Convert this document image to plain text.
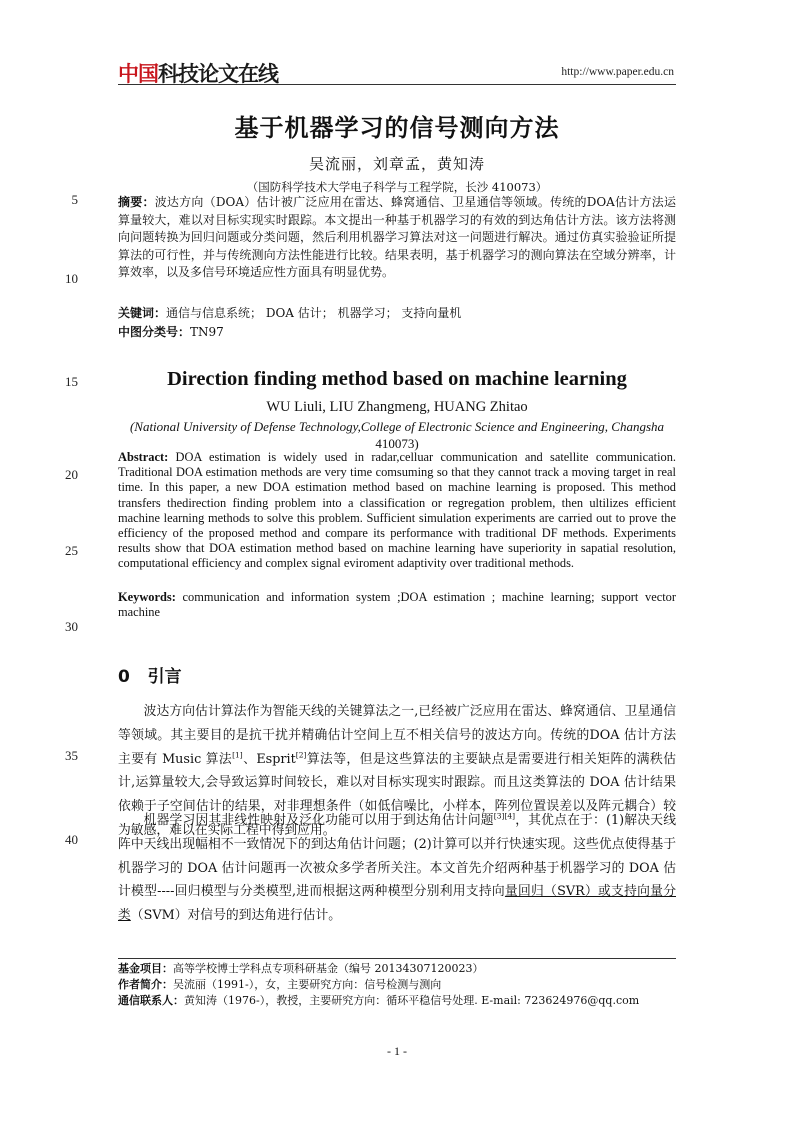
中国科技论文在线	http://www.paper.edu.cn
5
10
15
20
25
30
35
40
基于机器学习的信号测向方法
吴流丽，刘章孟，黄知涛
（国防科学技术大学电子科学与工程学院，长沙 410073）
摘要：波达方向（DOA）估计被广泛应用在雷达、蜂窝通信、卫星通信等领域。传统的DOA估计方法运算量较大，难以对目标实现实时跟踪。本文提出一种基于机器学习的有效的到达角估计方法。该方法将测向问题转换为回归问题或分类问题，然后利用机器学习算法对这一问题进行解决。通过仿真实验验证所提算法的可行性，并与传统测向方法性能进行比较。结果表明，基于机器学习的测向算法在空域分辨率，计算效率，以及多信号环境适应性方面具有明显优势。
关键词：通信与信息系统； DOA 估计； 机器学习； 支持向量机
中图分类号：TN97
Direction finding method based on machine learning
WU Liuli, LIU Zhangmeng, HUANG Zhitao
(National University of Defense Technology,College of Electronic Science and Engineering, Changsha 410073)
Abstract: DOA estimation is widely used in radar,celluar communication and satellite communication. Traditional DOA estimation methods are very time comsuming so that they cannot track a moving target in real time. In this paper, a new DOA estimation method based on machine learning is proposed. This method transfers thedirection finding problem into a classification or regregation problem, then ultilizes efficient machine learning methods to solve this problem. Sufficient simulation experiments are carried out to prove the efficiency of the proposed method and compare its performance with traditional DF methods. Experiments results show that DOA estimation method based on machine learning have superiority in sapatial resolution, computational efficiency and complex signal eviroment adaptivity over traditional methods.
Keywords: communication and information system ;DOA estimation ; machine learning; support vector machine
0 引言
波达方向估计算法作为智能天线的关键算法之一,已经被广泛应用在雷达、蜂窝通信、卫星通信等领域。其主要目的是抗干扰并精确估计空间上互不相关信号的波达方向。传统的DOA 估计方法主要有 Music 算法[1]、Esprit[2]算法等，但是这些算法的主要缺点是需要进行相关矩阵的满秩估计,运算量较大,会导致运算时间较长，难以对目标实现实时跟踪。而且这类算法的 DOA 估计结果依赖于子空间估计的结果，对非理想条件（如低信噪比，小样本，阵列位置误差以及阵元耦合）较为敏感，难以在实际工程中得到应用。
机器学习因其非线性映射及泛化功能可以用于到达角估计问题[3][4]，其优点在于：(1)解决天线阵中天线出现幅相不一致情况下的到达角估计问题；(2)计算可以并行快速实现。这些优点使得基于机器学习的 DOA 估计问题再一次被众多学者所关注。本文首先介绍两种基于机器学习的 DOA 估计模型----回归模型与分类模型,进而根据这两种模型分别利用支持向量回归（SVR）或支持向量分类（SVM）对信号的到达角进行估计。
基金项目：高等学校博士学科点专项科研基金（编号 20134307120023）
作者简介：吴流丽（1991-），女，主要研究方向：信号检测与测向
通信联系人：黄知涛（1976-），教授，主要研究方向：循环平稳信号处理. E-mail: 723624976@qq.com
- 1 -
